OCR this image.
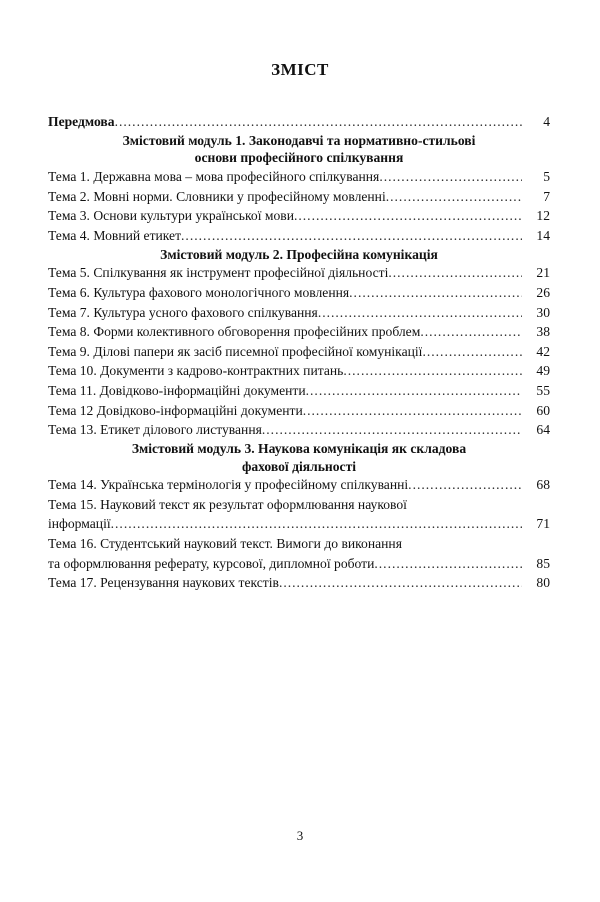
ЗМІСТ
Передмова .....	4
Змістовий модуль 1. Законодавчі та нормативно-стильові
основи професійного спілкування
Тема 1. Державна мова – мова професійного спілкування .....	5
Тема 2. Мовні норми. Словники у професійному мовленні .....	7
Тема 3. Основи культури української мови .....	12
Тема 4. Мовний етикет .....	14
Змістовий модуль 2. Професійна комунікація
Тема 5. Спілкування як інструмент професійної діяльності .....	21
Тема 6. Культура фахового монологічного мовлення .....	26
Тема 7. Культура усного фахового спілкування .....	30
Тема 8. Форми колективного обговорення професійних проблем .....	38
Тема 9. Ділові папери як засіб писемної професійної комунікації .....	42
Тема 10. Документи з кадрово-контрактних питань .....	49
Тема 11. Довідково-інформаційні документи .....	55
Тема 12 Довідково-інформаційні документи .....	60
Тема 13. Етикет ділового листування .....	64
Змістовий модуль 3. Наукова комунікація як складова
фахової діяльності
Тема 14. Українська термінологія у професійному спілкуванні .....	68
Тема 15. Науковий текст як результат оформлювання наукової
інформації .....	71
Тема 16. Студентський науковий текст. Вимоги до виконання
та оформлювання реферату, курсової, дипломної роботи .....	85
Тема 17. Рецензування наукових текстів .....	80
3
